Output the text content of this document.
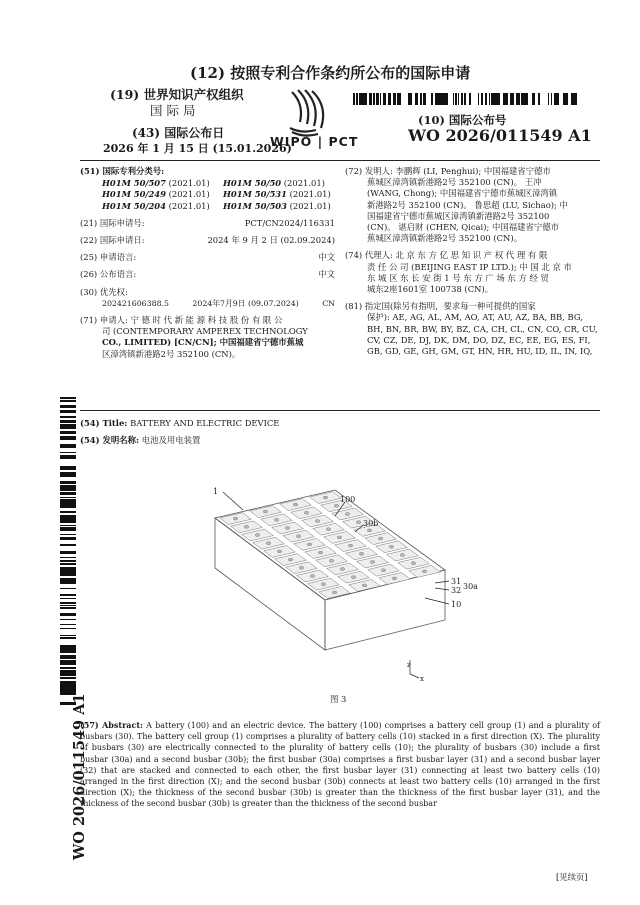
(12) 按照专利合作条约所公布的国际申请
(19) 世界知识产权组织
国 际 局
WIPO | PCT
(10) 国际公布号
WO 2026/011549 A1
(43) 国际公布日
2026 年 1 月 15 日 (15.01.2026)
(51) 国际专利分类号:
H01M 50/507 (2021.01)	H01M 50/50 (2021.01)
H01M 50/249 (2021.01)	H01M 50/531 (2021.01)
H01M 50/204 (2021.01)	H01M 50/503 (2021.01)
(21) 国际申请号:	PCT/CN2024/116331
(22) 国际申请日:	2024 年 9 月 2 日 (02.09.2024)
(25) 申请语言:	中文
(26) 公布语言:	中文
(30) 优先权:
202421606388.5	2024年7月9日 (09.07.2024)	CN
(71) 申请人: 宁 德 时 代 新 能 源 科 技 股 份 有 限 公
司 (CONTEMPORARY AMPEREX TECHNOLOGY
CO., LIMITED) [CN/CN]; 中国福建省宁德市蕉城
区漳湾镇新港路2号 352100 (CN)。
(72) 发明人: 李鹏辉 (LI, Penghui); 中国福建省宁德市
蕉城区漳湾镇新港路2号 352100 (CN)。 王冲
(WANG, Chong); 中国福建省宁德市蕉城区漳湾镇
新港路2号 352100 (CN)。 鲁思超 (LU, Sichao); 中
国福建省宁德市蕉城区漳湾镇新港路2号 352100
(CN)。 谌启财 (CHEN, Qicai); 中国福建省宁德市
蕉城区漳湾镇新港路2号 352100 (CN)。
(74) 代理人: 北 京 东 方 亿 思 知 识 产 权 代 理 有 限
责 任 公 司 (BEIJING EAST IP LTD.); 中 国 北 京 市
东 城 区 东 长 安 街 1 号 东 方 广 场 东 方 经 贸
城东2座1601室 100738 (CN)。
(81) 指定国(除另有指明，要求每一种可提供的国家
保护): AE, AG, AL, AM, AO, AT, AU, AZ, BA, BB, BG,
BH, BN, BR, BW, BY, BZ, CA, CH, CL, CN, CO, CR, CU,
CV, CZ, DE, DJ, DK, DM, DO, DZ, EC, EE, EG, ES, FI,
GB, GD, GE, GH, GM, GT, HN, HR, HU, ID, IL, IN, IQ,
WO 2026/011549 A1
(54) Title: BATTERY AND ELECTRIC DEVICE
(54) 发明名称: 电池及用电装置
1
100
30b
31
32 30a
10
z
x
图 3
(57) Abstract: A battery (100) and an electric device. The battery (100) comprises a battery cell group (1) and a plurality of busbars (30). The battery cell group (1) comprises a plurality of battery cells (10) stacked in a first direction (X). The plurality of busbars (30) are electrically connected to the plurality of battery cells (10); the plurality of busbars (30) include a first busbar (30a) and a second busbar (30b); the first busbar (30a) comprises a first busbar layer (31) and a second busbar layer (32) that are stacked and connected to each other, the first busbar layer (31) connecting at least two battery cells (10) arranged in the first direction (X); and the second busbar (30b) connects at least two battery cells (10) arranged in the first direction (X); the thickness of the second busbar (30b) is greater than the thickness of the first busbar layer (31), and the thickness of the second busbar (30b) is greater than the thickness of the second busbar
[见续页]
